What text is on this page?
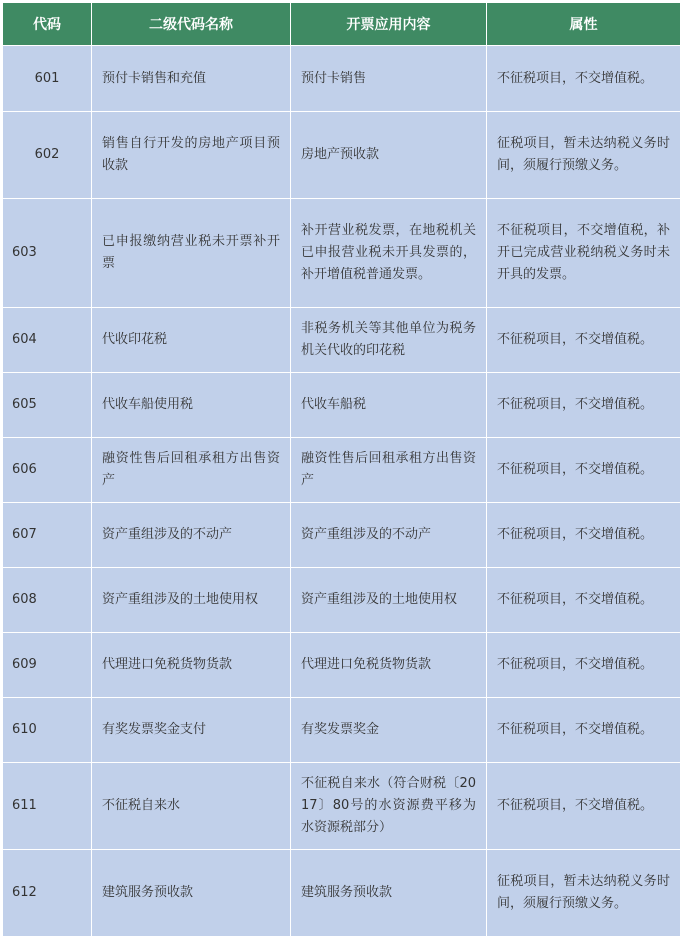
代码	二级代码名称	开票应用内容	属性
601	预付卡销售和充值	预付卡销售	不征税项目，不交增值税。
602	销售自行开发的房地产项目预收款	房地产预收款	征税项目，暂未达纳税义务时间，须履行预缴义务。
603	已申报缴纳营业税未开票补开票	补开营业税发票，在地税机关已申报营业税未开具发票的，补开增值税普通发票。	不征税项目，不交增值税，补开已完成营业税纳税义务时未开具的发票。
604	代收印花税	非税务机关等其他单位为税务机关代收的印花税	不征税项目，不交增值税。
605	代收车船使用税	代收车船税	不征税项目，不交增值税。
606	融资性售后回租承租方出售资产	融资性售后回租承租方出售资产	不征税项目，不交增值税。
607	资产重组涉及的不动产	资产重组涉及的不动产	不征税项目，不交增值税。
608	资产重组涉及的土地使用权	资产重组涉及的土地使用权	不征税项目，不交增值税。
609	代理进口免税货物货款	代理进口免税货物货款	不征税项目，不交增值税。
610	有奖发票奖金支付	有奖发票奖金	不征税项目，不交增值税。
611	不征税自来水	不征税自来水（符合财税〔2017〕80号的水资源费平移为水资源税部分）	不征税项目，不交增值税。
612	建筑服务预收款	建筑服务预收款	征税项目，暂未达纳税义务时间，须履行预缴义务。
